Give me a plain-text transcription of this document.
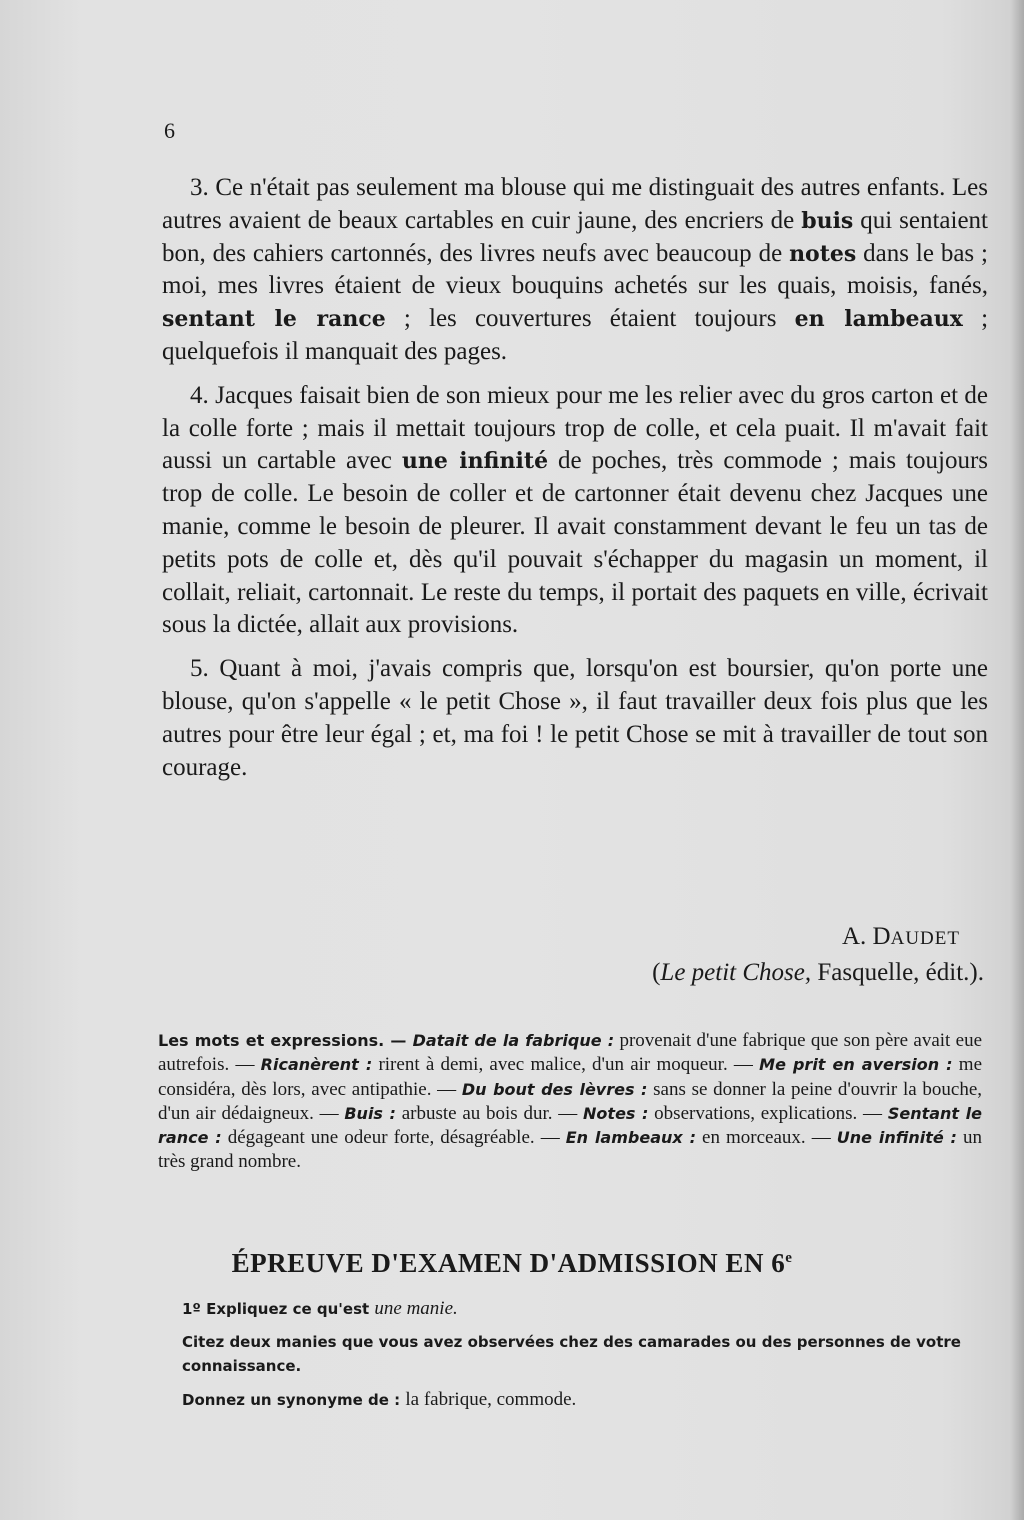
6

3. Ce n'était pas seulement ma blouse qui me distinguait des autres enfants. Les autres avaient de beaux cartables en cuir jaune, des encriers de buis qui sentaient bon, des cahiers cartonnés, des livres neufs avec beaucoup de notes dans le bas ; moi, mes livres étaient de vieux bouquins achetés sur les quais, moisis, fanés, sentant le rance ; les couvertures étaient toujours en lambeaux ; quelquefois il manquait des pages.

4. Jacques faisait bien de son mieux pour me les relier avec du gros carton et de la colle forte ; mais il mettait toujours trop de colle, et cela puait. Il m'avait fait aussi un cartable avec une infinité de poches, très commode ; mais toujours trop de colle. Le besoin de coller et de cartonner était devenu chez Jacques une manie, comme le besoin de pleurer. Il avait constamment devant le feu un tas de petits pots de colle et, dès qu'il pouvait s'échapper du magasin un moment, il collait, reliait, cartonnait. Le reste du temps, il portait des paquets en ville, écrivait sous la dictée, allait aux provisions.

5. Quant à moi, j'avais compris que, lorsqu'on est boursier, qu'on porte une blouse, qu'on s'appelle « le petit Chose », il faut travailler deux fois plus que les autres pour être leur égal ; et, ma foi ! le petit Chose se mit à travailler de tout son courage.

A. DAUDET
(Le petit Chose, Fasquelle, édit.).
Les mots et expressions. — Datait de la fabrique : provenait d'une fabrique que son père avait eue autrefois. — Ricanèrent : rirent à demi, avec malice, d'un air moqueur. — Me prit en aversion : me considéra, dès lors, avec antipathie. — Du bout des lèvres : sans se donner la peine d'ouvrir la bouche, d'un air dédaigneux. — Buis : arbuste au bois dur. — Notes : observations, explications. — Sentant le rance : dégageant une odeur forte, désagréable. — En lambeaux : en morceaux. — Une infinité : un très grand nombre.
ÉPREUVE D'EXAMEN D'ADMISSION EN 6e

1º Expliquez ce qu'est une manie.

Citez deux manies que vous avez observées chez des camarades ou des personnes de votre connaissance.

Donnez un synonyme de : la fabrique, commode.
